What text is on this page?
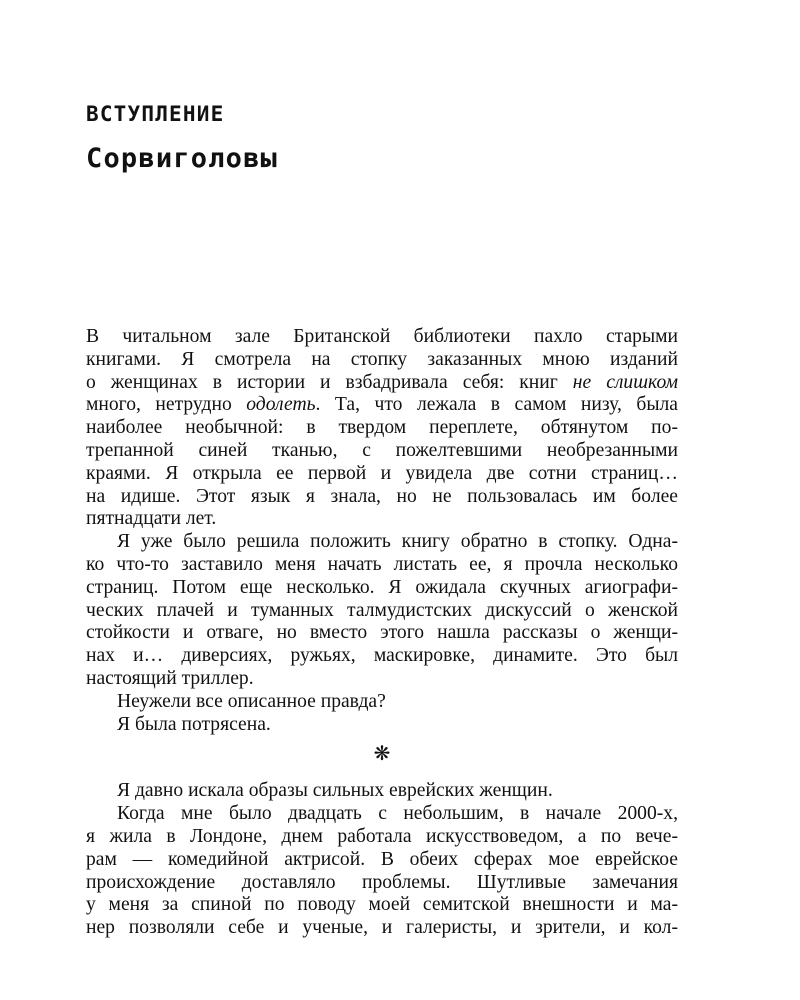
ВСТУПЛЕНИЕ
Сорвиголовы

В читальном зале Британской библиотеки пахло старыми
книгами. Я смотрела на стопку заказанных мною изданий
о женщинах в истории и взбадривала себя: книг не слишком
много, нетрудно одолеть. Та, что лежала в самом низу, была
наиболее необычной: в твердом переплете, обтянутом по-
трепанной синей тканью, с пожелтевшими необрезанными
краями. Я открыла ее первой и увидела две сотни страниц…
на идише. Этот язык я знала, но не пользовалась им более
пятнадцати лет.

Я уже было решила положить книгу обратно в стопку. Одна-
ко что-то заставило меня начать листать ее, я прочла несколько
страниц. Потом еще несколько. Я ожидала скучных агиографи-
ческих плачей и туманных талмудистских дискуссий о женской
стойкости и отваге, но вместо этого нашла рассказы о женщи-
нах и… диверсиях, ружьях, маскировке, динамите. Это был
настоящий триллер.

Неужели все описанное правда?

Я была потрясена.

❋

Я давно искала образы сильных еврейских женщин.

Когда мне было двадцать с небольшим, в начале 2000-х,
я жила в Лондоне, днем работала искусствоведом, а по вече-
рам — комедийной актрисой. В обеих сферах мое еврейское
происхождение доставляло проблемы. Шутливые замечания
у меня за спиной по поводу моей семитской внешности и ма-
нер позволяли себе и ученые, и галеристы, и зрители, и кол-
